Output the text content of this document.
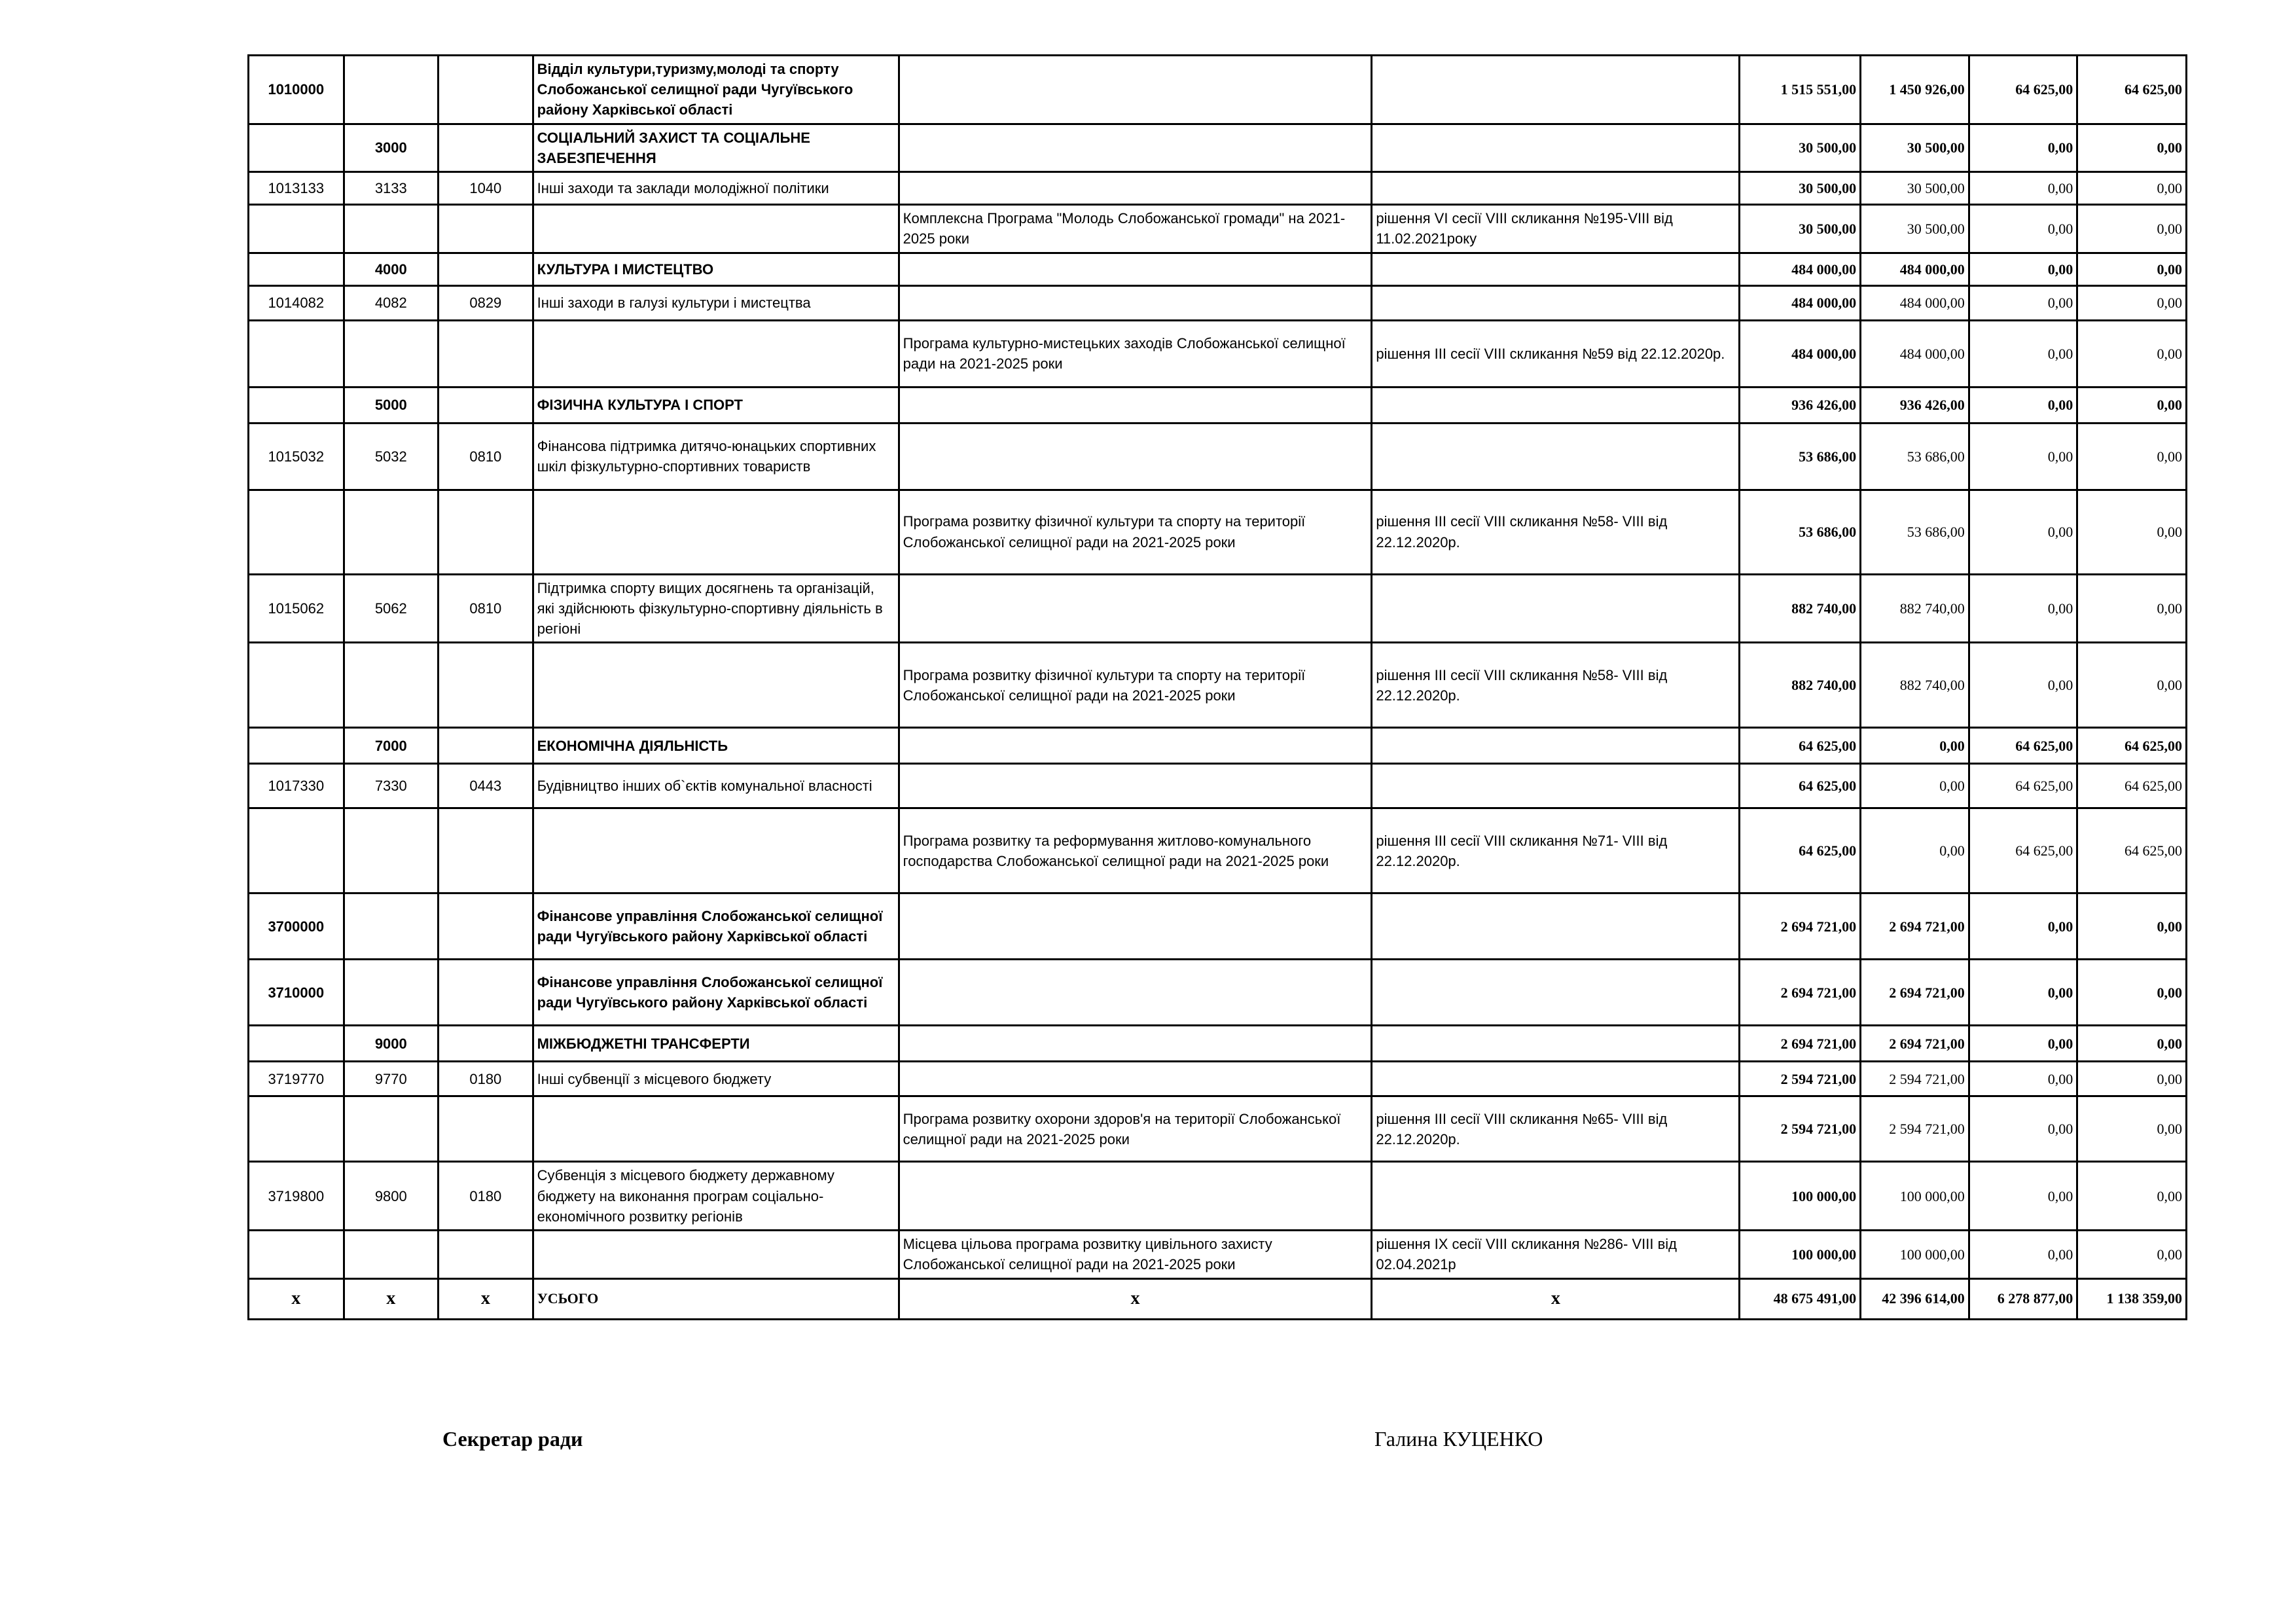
1010000			Відділ культури,туризму,молоді та спорту Слобожанської селищної ради Чугуївського району Харківської області			1 515 551,00	1 450 926,00	64 625,00	64 625,00
	3000		СОЦІАЛЬНИЙ ЗАХИСТ ТА СОЦІАЛЬНЕ ЗАБЕЗПЕЧЕННЯ			30 500,00	30 500,00	0,00	0,00
1013133	3133	1040	Інші заходи та заклади молодіжної політики			30 500,00	30 500,00	0,00	0,00
				Комплексна Програма "Молодь Слобожанської громади" на 2021-2025 роки	рішення VI сесії VIII скликання №195-VIII від 11.02.2021року	30 500,00	30 500,00	0,00	0,00
	4000		КУЛЬТУРА І МИСТЕЦТВО			484 000,00	484 000,00	0,00	0,00
1014082	4082	0829	Інші заходи в галузі культури і мистецтва			484 000,00	484 000,00	0,00	0,00
				Програма культурно-мистецьких заходів Слобожанської селищної ради на 2021-2025 роки	рішення ІІІ сесії VIII скликання №59 від 22.12.2020р.	484 000,00	484 000,00	0,00	0,00
	5000		ФІЗИЧНА КУЛЬТУРА І СПОРТ			936 426,00	936 426,00	0,00	0,00
1015032	5032	0810	Фінансова підтримка дитячо-юнацьких спортивних шкіл фізкультурно-спортивних товариств			53 686,00	53 686,00	0,00	0,00
				Програма розвитку фізичної культури та спорту на території Слобожанської селищної ради на 2021-2025 роки	рішення ІІІ сесії VIII скликання №58- VIII від 22.12.2020р.	53 686,00	53 686,00	0,00	0,00
1015062	5062	0810	Підтримка спорту вищих досягнень та організацій, які здійснюють фізкультурно-спортивну діяльність в регіоні			882 740,00	882 740,00	0,00	0,00
				Програма розвитку фізичної культури та спорту на території Слобожанської селищної ради на 2021-2025 роки	рішення ІІІ сесії VIII скликання №58- VIII від 22.12.2020р.	882 740,00	882 740,00	0,00	0,00
	7000		ЕКОНОМІЧНА ДІЯЛЬНІСТЬ			64 625,00	0,00	64 625,00	64 625,00
1017330	7330	0443	Будівництво інших об`єктів комунальної власності			64 625,00	0,00	64 625,00	64 625,00
				Програма розвитку та реформування житлово-комунального господарства Слобожанської селищної ради на 2021-2025 роки	рішення ІІІ сесії VIII скликання №71- VIII від 22.12.2020р.	64 625,00	0,00	64 625,00	64 625,00
3700000			Фінансове управління Слобожанської селищної ради Чугуївського району Харківської області			2 694 721,00	2 694 721,00	0,00	0,00
3710000			Фінансове управління Слобожанської селищної ради Чугуївського району Харківської області			2 694 721,00	2 694 721,00	0,00	0,00
	9000		МІЖБЮДЖЕТНІ ТРАНСФЕРТИ			2 694 721,00	2 694 721,00	0,00	0,00
3719770	9770	0180	Інші субвенції з місцевого бюджету			2 594 721,00	2 594 721,00	0,00	0,00
				Програма розвитку охорони здоров'я на території Слобожанської селищної ради на 2021-2025 роки	рішення ІІІ сесії VIII скликання №65- VIII від 22.12.2020р.	2 594 721,00	2 594 721,00	0,00	0,00
3719800	9800	0180	Субвенція з місцевого бюджету державному бюджету на виконання програм соціально-економічного розвитку регіонів			100 000,00	100 000,00	0,00	0,00
				Місцева цільова програма розвитку цивільного захисту Слобожанської селищної ради на 2021-2025 роки	рішення ІХ сесії VIII скликання №286- VIII від 02.04.2021р	100 000,00	100 000,00	0,00	0,00
х	х	х	УСЬОГО	х	х	48 675 491,00	42 396 614,00	6 278 877,00	1 138 359,00
Секретар ради	Галина КУЦЕНКО
